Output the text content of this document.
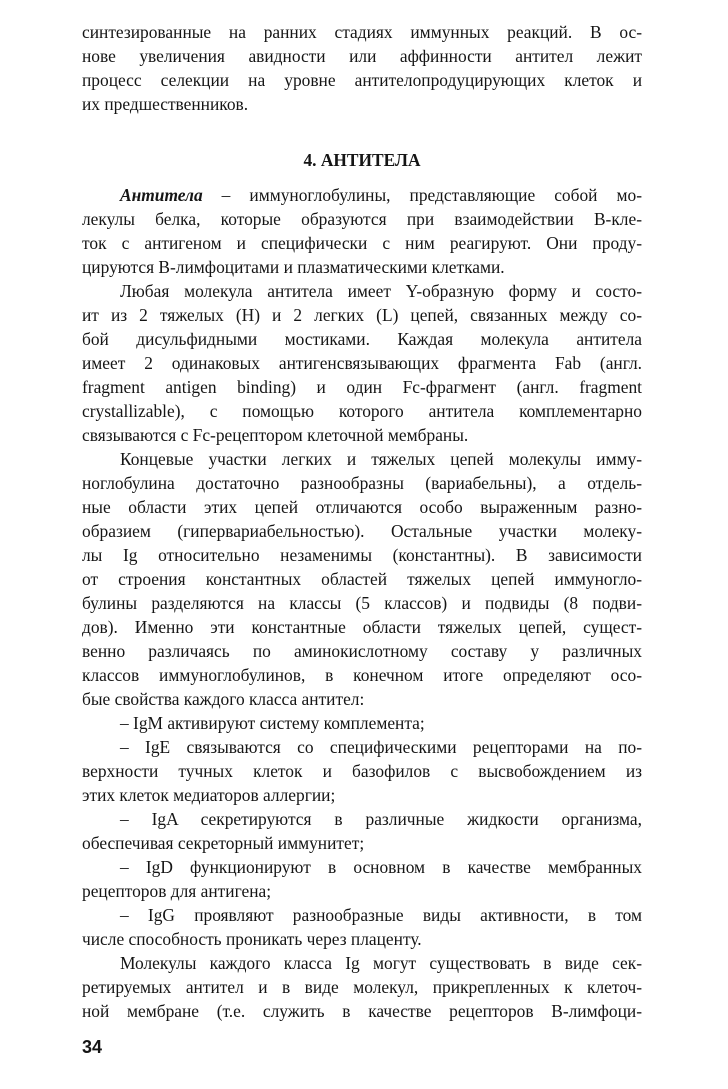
синтезированные на ранних стадиях иммунных реакций. В ос-
нове увеличения авидности или аффинности антител лежит
процесс селекции на уровне антителопродуцирующих клеток и
их предшественников.
4. АНТИТЕЛА
Антитела – иммуноглобулины, представляющие собой мо-
лекулы белка, которые образуются при взаимодействии В-кле-
ток с антигеном и специфически с ним реагируют. Они проду-
цируются В-лимфоцитами и плазматическими клетками.
Любая молекула антитела имеет Y-образную форму и состо-
ит из 2 тяжелых (Н) и 2 легких (L) цепей, связанных между со-
бой дисульфидными мостиками. Каждая молекула антитела
имеет 2 одинаковых антигенсвязывающих фрагмента Fab (англ.
fragment antigen binding) и один Fc-фрагмент (англ. fragment
crystallizable), с помощью которого антитела комплементарно
связываются с Fc-рецептором клеточной мембраны.
Концевые участки легких и тяжелых цепей молекулы имму-
ноглобулина достаточно разнообразны (вариабельны), а отдель-
ные области этих цепей отличаются особо выраженным разно-
образием (гипервариабельностью). Остальные участки молеку-
лы Ig относительно незаменимы (константны). В зависимости
от строения константных областей тяжелых цепей иммуногло-
булины разделяются на классы (5 классов) и подвиды (8 подви-
дов). Именно эти константные области тяжелых цепей, сущест-
венно различаясь по аминокислотному составу у различных
классов иммуноглобулинов, в конечном итоге определяют осо-
бые свойства каждого класса антител:
– IgM активируют систему комплемента;
– IgE связываются со специфическими рецепторами на по-
верхности тучных клеток и базофилов с высвобождением из
этих клеток медиаторов аллергии;
– IgA секретируются в различные жидкости организма,
обеспечивая секреторный иммунитет;
– IgD функционируют в основном в качестве мембранных
рецепторов для антигена;
– IgG проявляют разнообразные виды активности, в том
числе способность проникать через плаценту.
Молекулы каждого класса Ig могут существовать в виде сек-
ретируемых антител и в виде молекул, прикрепленных к клеточ-
ной мембране (т.е. служить в качестве рецепторов В-лимфоци-
34
